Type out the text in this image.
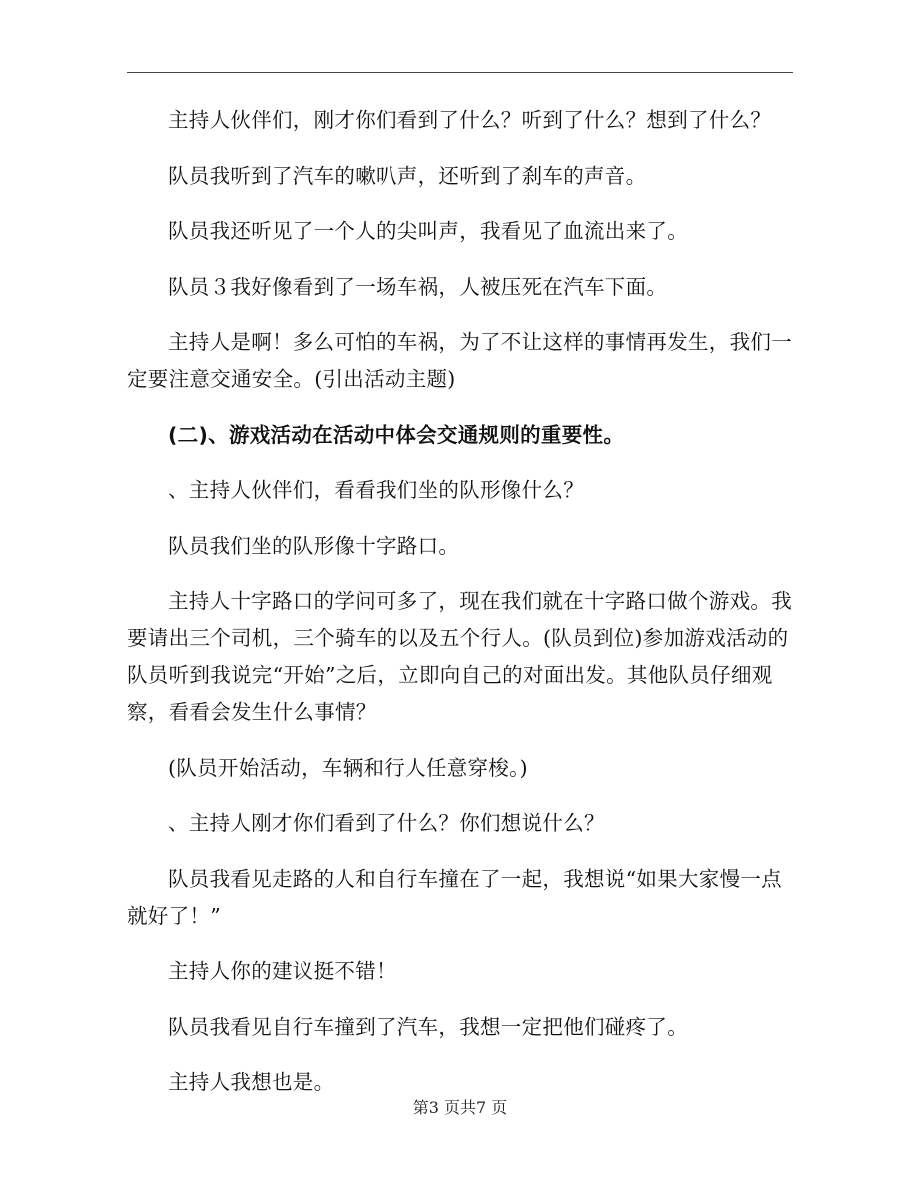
主持人伙伴们，刚才你们看到了什么？听到了什么？想到了什么？

队员我听到了汽车的嗽叭声，还听到了刹车的声音。

队员我还听见了一个人的尖叫声，我看见了血流出来了。

队员３我好像看到了一场车祸，人被压死在汽车下面。

主持人是啊！多么可怕的车祸，为了不让这样的事情再发生，我们一定要注意交通安全。(引出活动主题)

(二)、游戏活动在活动中体会交通规则的重要性。

、主持人伙伴们，看看我们坐的队形像什么？

队员我们坐的队形像十字路口。

主持人十字路口的学问可多了，现在我们就在十字路口做个游戏。我要请出三个司机，三个骑车的以及五个行人。(队员到位)参加游戏活动的队员听到我说完“开始”之后，立即向自己的对面出发。其他队员仔细观察，看看会发生什么事情？

(队员开始活动，车辆和行人任意穿梭。)

、主持人刚才你们看到了什么？你们想说什么？

队员我看见走路的人和自行车撞在了一起，我想说“如果大家慢一点就好了！”

主持人你的建议挺不错！

队员我看见自行车撞到了汽车，我想一定把他们碰疼了。

主持人我想也是。

第3 页共7 页
